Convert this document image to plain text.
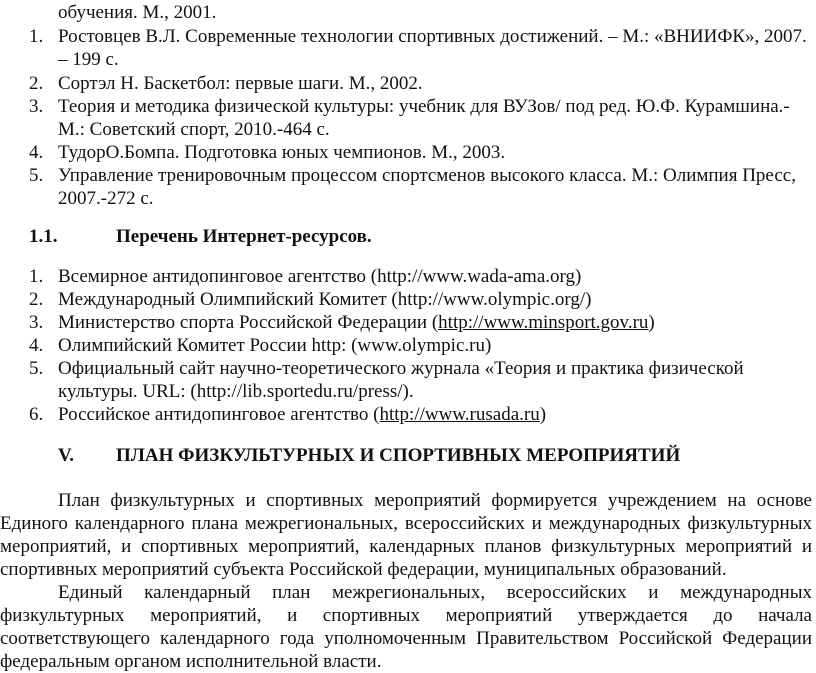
обучения. М., 2001.
1. Ростовцев В.Л. Современные технологии спортивных достижений. – М.: «ВНИИФК», 2007.
– 199 с.
2. Сортэл Н. Баскетбол: первые шаги. М., 2002.
3. Теория и методика физической культуры: учебник для ВУЗов/ под ред. Ю.Ф. Курамшина.-
М.: Советский спорт, 2010.-464 с.
4. ТудорО.Бомпа. Подготовка юных чемпионов. М., 2003.
5. Управление тренировочным процессом спортсменов высокого класса. М.: Олимпия Пресс,
2007.-272 с.
1.1.	Перечень Интернет-ресурсов.
1. Всемирное антидопинговое агентство (http://www.wada-ama.org)
2. Международный Олимпийский Комитет (http://www.olympic.org/)
3. Министерство спорта Российской Федерации (http://www.minsport.gov.ru)
4. Олимпийский Комитет России http: (www.olympic.ru)
5. Официальный сайт научно-теоретического журнала «Теория и практика физической
культуры. URL: (http://lib.sportedu.ru/press/).
6. Российское антидопинговое агентство (http://www.rusada.ru)
V. ПЛАН ФИЗКУЛЬТУРНЫХ И СПОРТИВНЫХ МЕРОПРИЯТИЙ
План физкультурных и спортивных мероприятий формируется учреждением на основе
Единого календарного плана межрегиональных, всероссийских и международных физкультурных
мероприятий, и спортивных мероприятий, календарных планов физкультурных мероприятий и
спортивных мероприятий субъекта Российской федерации, муниципальных образований.
Единый календарный план межрегиональных, всероссийских и международных
физкультурных мероприятий, и спортивных мероприятий утверждается до начала
соответствующего календарного года уполномоченным Правительством Российской Федерации
федеральным органом исполнительной власти.
